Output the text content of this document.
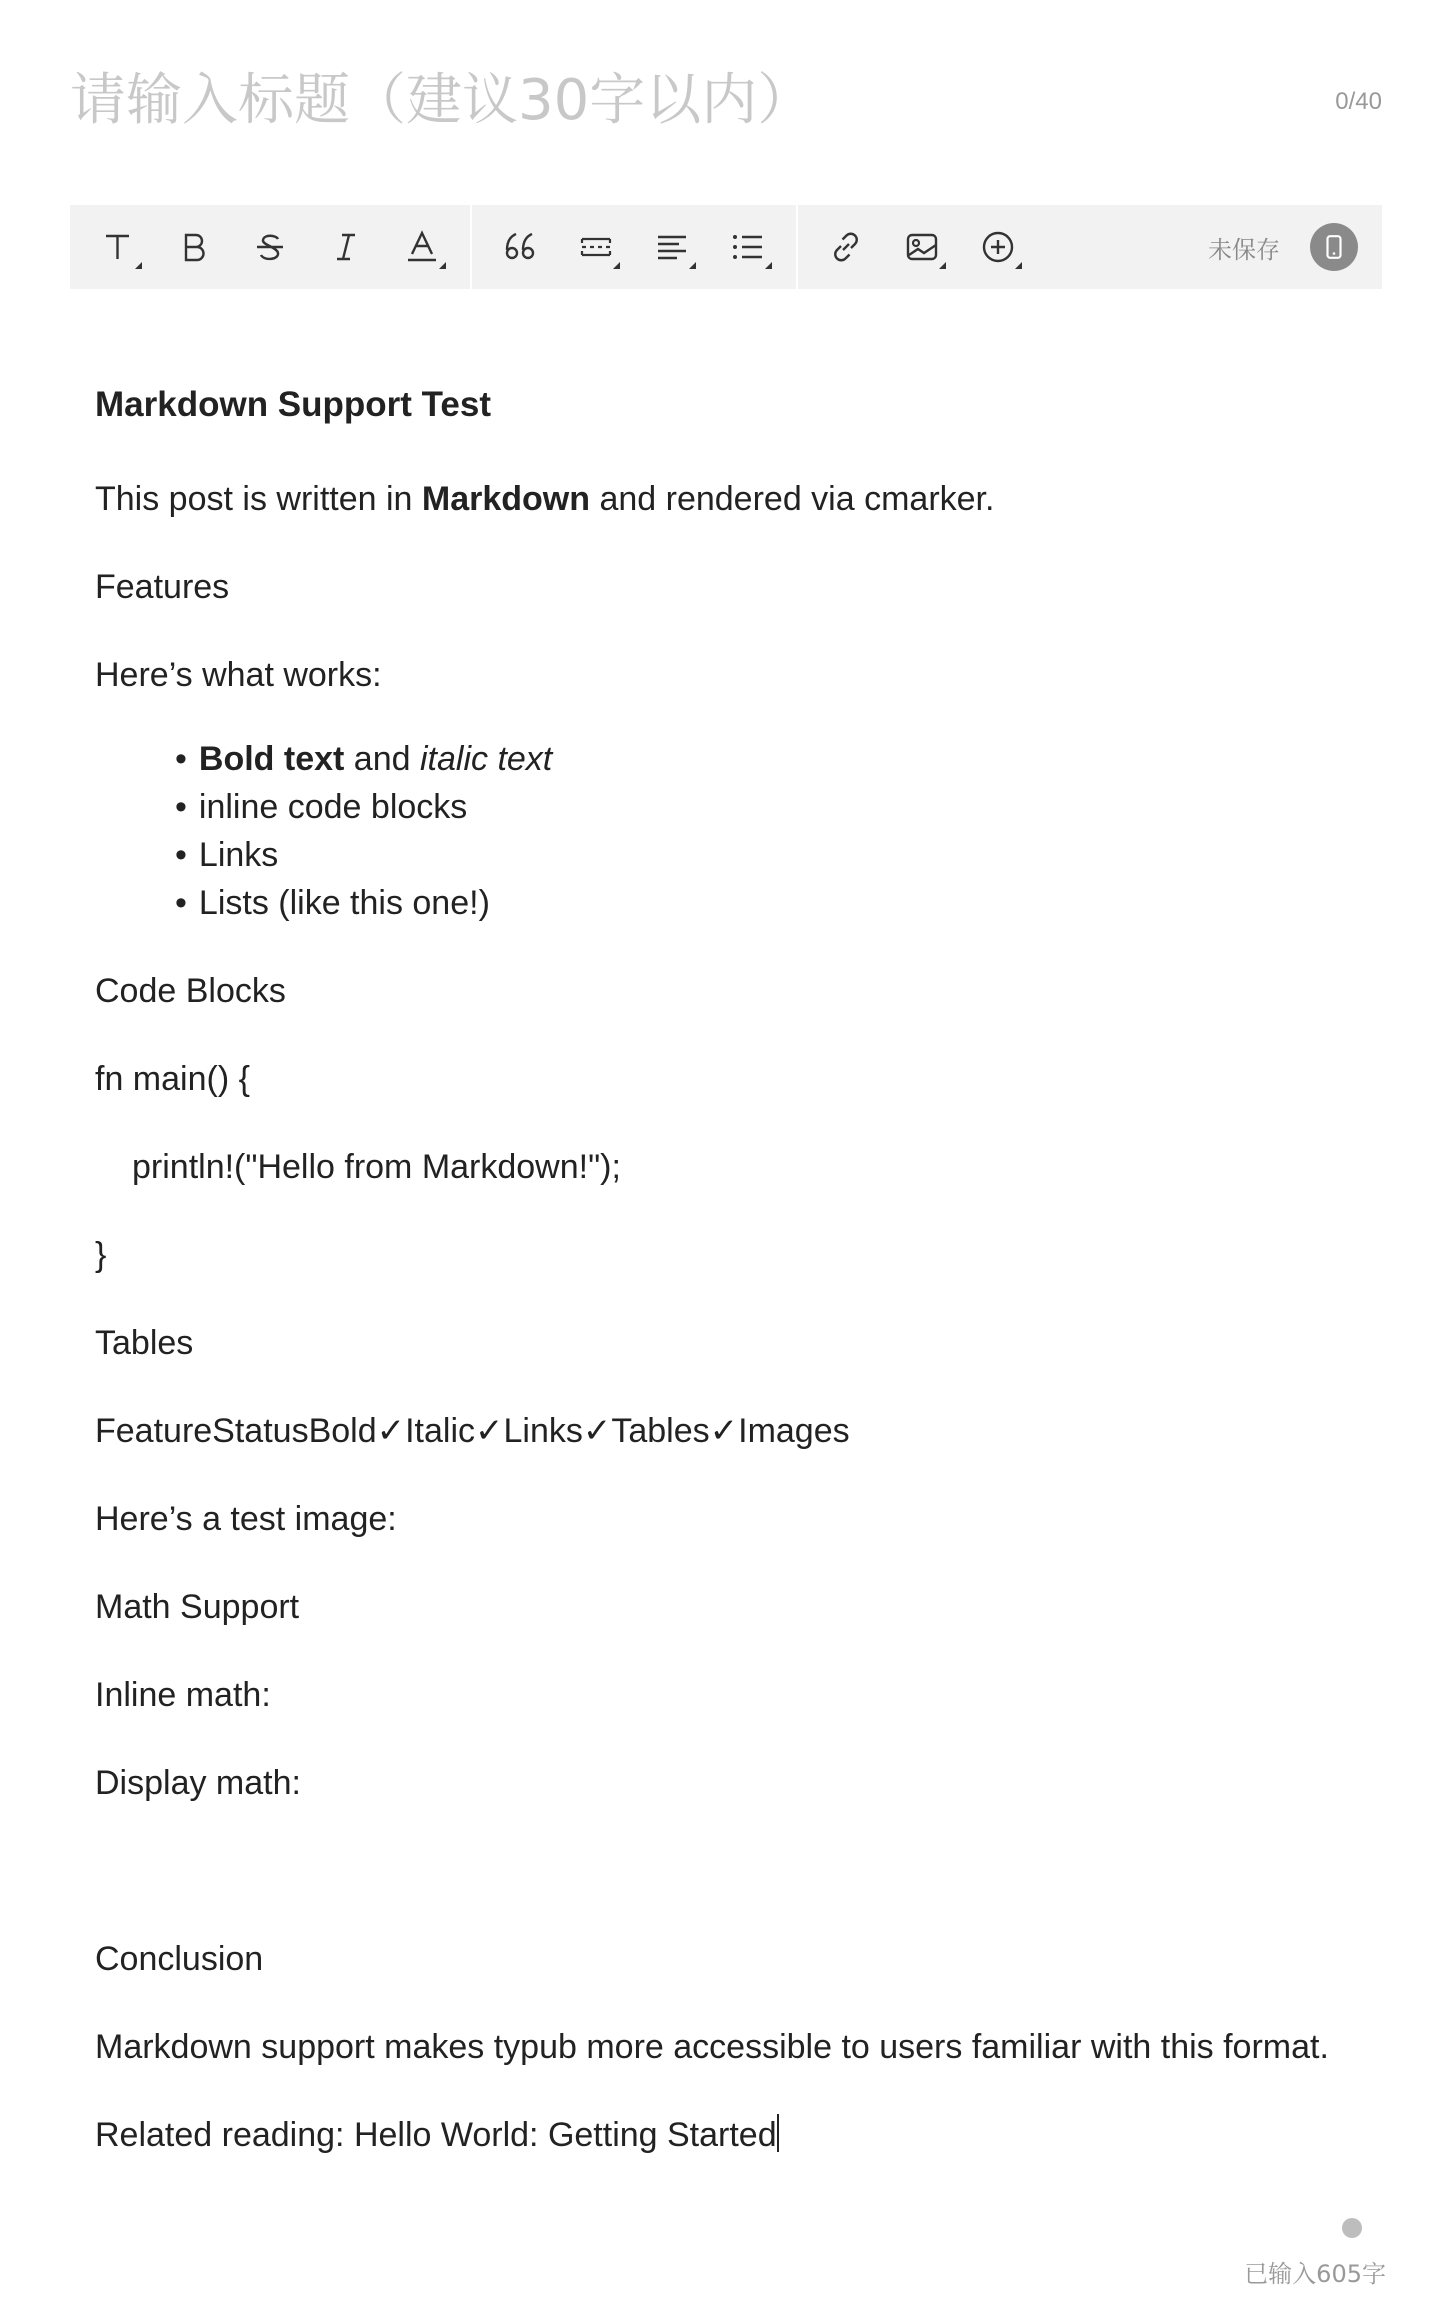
请输入标题（建议30字以内）
0/40
未保存
Markdown Support Test

This post is written in Markdown and rendered via cmarker.

Features

Here’s what works:

• Bold text and italic text
• inline code blocks
• Links
• Lists (like this one!)

Code Blocks

fn main() {

println!("Hello from Markdown!");

}

Tables

FeatureStatusBold✓Italic✓Links✓Tables✓Images

Here’s a test image:

Math Support

Inline math:

Display math:

Conclusion

Markdown support makes typub more accessible to users familiar with this format.

Related reading: Hello World: Getting Started

已输入605字
